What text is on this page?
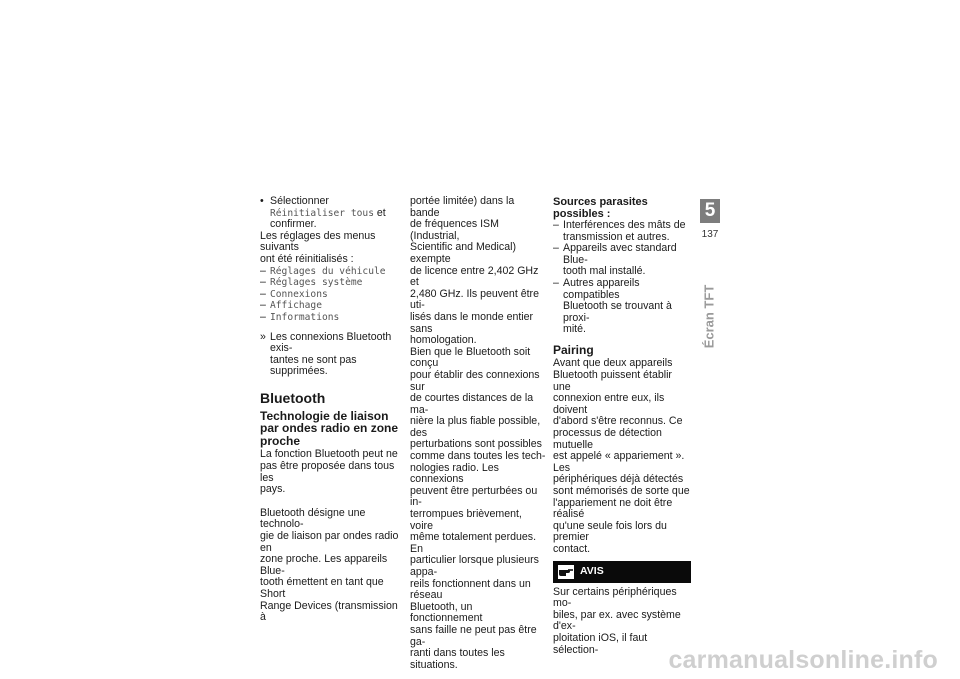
• Sélectionner Réinitialiser tous et confirmer.

Les réglages des menus suivants

ont été réinitialisés :

– Réglages du véhicule
– Réglages système
– Connexions
– Affichage
– Informations

» Les connexions Bluetooth exis-
tantes ne sont pas supprimées.

Bluetooth
Technologie de liaison
par ondes radio en zone
proche

La fonction Bluetooth peut ne
pas être proposée dans tous les
pays.

Bluetooth désigne une technolo-
gie de liaison par ondes radio en
zone proche. Les appareils Blue-
tooth émettent en tant que Short
Range Devices (transmission à

portée limitée) dans la bande
de fréquences ISM (Industrial,
Scientific and Medical) exempte
de licence entre 2,402 GHz et
2,480 GHz. Ils peuvent être uti-
lisés dans le monde entier sans
homologation.
Bien que le Bluetooth soit conçu
pour établir des connexions sur
de courtes distances de la ma-
nière la plus fiable possible, des
perturbations sont possibles
comme dans toutes les tech-
nologies radio. Les connexions
peuvent être perturbées ou in-
terrompues brièvement, voire
même totalement perdues. En
particulier lorsque plusieurs appa-
reils fonctionnent dans un réseau
Bluetooth, un fonctionnement
sans faille ne peut pas être ga-
ranti dans toutes les situations.

Sources parasites possibles :

– Interférences des mâts de
transmission et autres.

– Appareils avec standard Blue-
tooth mal installé.

– Autres appareils compatibles
Bluetooth se trouvant à proxi-
mité.

Pairing

Avant que deux appareils
Bluetooth puissent établir une
connexion entre eux, ils doivent
d'abord s'être reconnus. Ce
processus de détection mutuelle
est appelé « appariement ». Les
périphériques déjà détectés
sont mémorisés de sorte que
l'appariement ne doit être réalisé
qu'une seule fois lors du premier
contact.

AVIS

Sur certains périphériques mo-
biles, par ex. avec système d'ex-
ploitation iOS, il faut sélection-

5
137
Écran TFT
carmanualsonline.info
